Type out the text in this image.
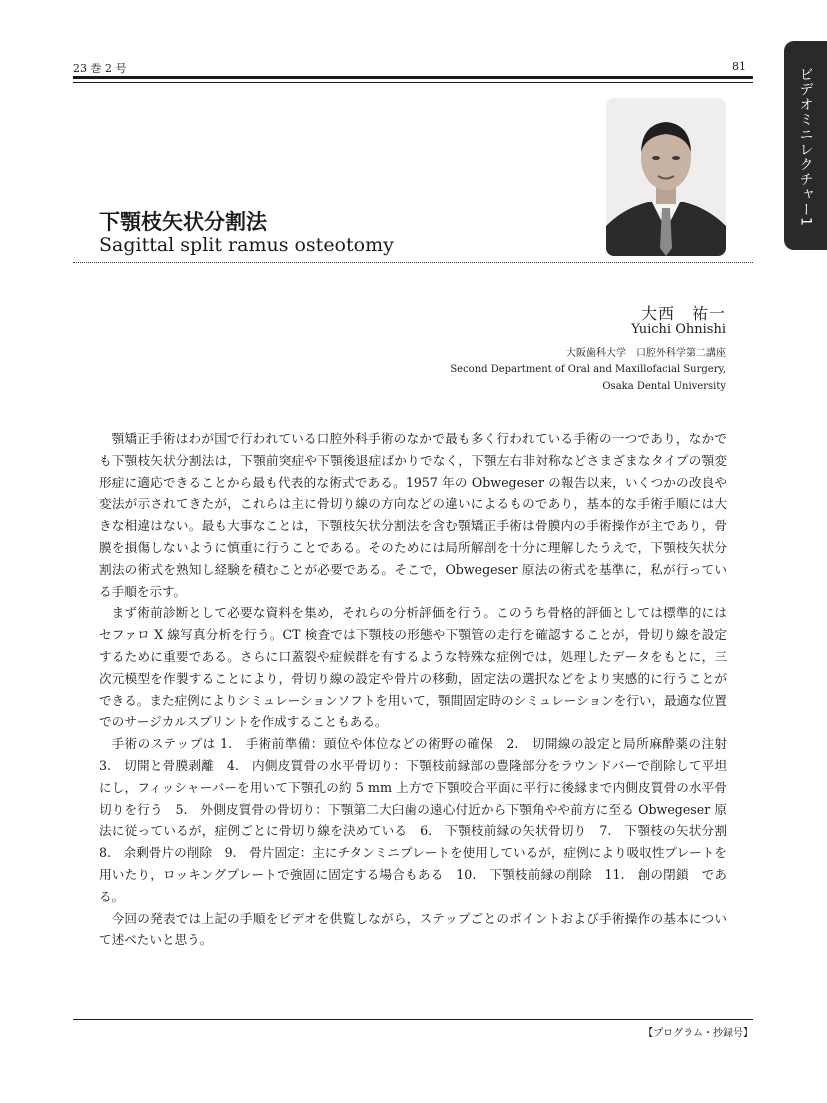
23 巻 2 号	81
ビデオミニレクチャー1
下顎枝矢状分割法
Sagittal split ramus osteotomy
大西　祐一
Yuichi Ohnishi
大阪歯科大学　口腔外科学第二講座
Second Department of Oral and Maxillofacial Surgery,
Osaka Dental University

顎矯正手術はわが国で行われている口腔外科手術のなかで最も多く行われている手術の一つであり，なかでも下顎枝矢状分割法は，下顎前突症や下顎後退症ばかりでなく，下顎左右非対称などさまざまなタイプの顎変形症に適応できることから最も代表的な術式である。1957 年の Obwegeser の報告以来，いくつかの改良や変法が示されてきたが，これらは主に骨切り線の方向などの違いによるものであり，基本的な手術手順には大きな相違はない。最も大事なことは，下顎枝矢状分割法を含む顎矯正手術は骨膜内の手術操作が主であり，骨膜を損傷しないように慎重に行うことである。そのためには局所解剖を十分に理解したうえで，下顎枝矢状分割法の術式を熟知し経験を積むことが必要である。そこで，Obwegeser 原法の術式を基準に，私が行っている手順を示す。

まず術前診断として必要な資料を集め，それらの分析評価を行う。このうち骨格的評価としては標準的にはセファロ X 線写真分析を行う。CT 検査では下顎枝の形態や下顎管の走行を確認することが，骨切り線を設定するために重要である。さらに口蓋裂や症候群を有するような特殊な症例では，処理したデータをもとに，三次元模型を作製することにより，骨切り線の設定や骨片の移動，固定法の選択などをより実感的に行うことができる。また症例によりシミュレーションソフトを用いて，顎間固定時のシミュレーションを行い，最適な位置でのサージカルスプリントを作成することもある。

手術のステップは 1.　手術前準備：頭位や体位などの術野の確保　2.　切開線の設定と局所麻酔薬の注射　3.　切開と骨膜剥離　4.　内側皮質骨の水平骨切り：下顎枝前縁部の豊隆部分をラウンドバーで削除して平坦にし，フィッシャーバーを用いて下顎孔の約 5 mm 上方で下顎咬合平面に平行に後縁まで内側皮質骨の水平骨切りを行う　5.　外側皮質骨の骨切り：下顎第二大臼歯の遠心付近から下顎角やや前方に至る Obwegeser 原法に従っているが，症例ごとに骨切り線を決めている　6.　下顎枝前縁の矢状骨切り　7.　下顎枝の矢状分割　8.　余剰骨片の削除　9.　骨片固定：主にチタンミニプレートを使用しているが，症例により吸収性プレートを用いたり，ロッキングプレートで強固に固定する場合もある　10.　下顎枝前縁の削除　11.　創の閉鎖　である。

今回の発表では上記の手順をビデオを供覧しながら，ステップごとのポイントおよび手術操作の基本について述べたいと思う。

【プログラム・抄録号】
